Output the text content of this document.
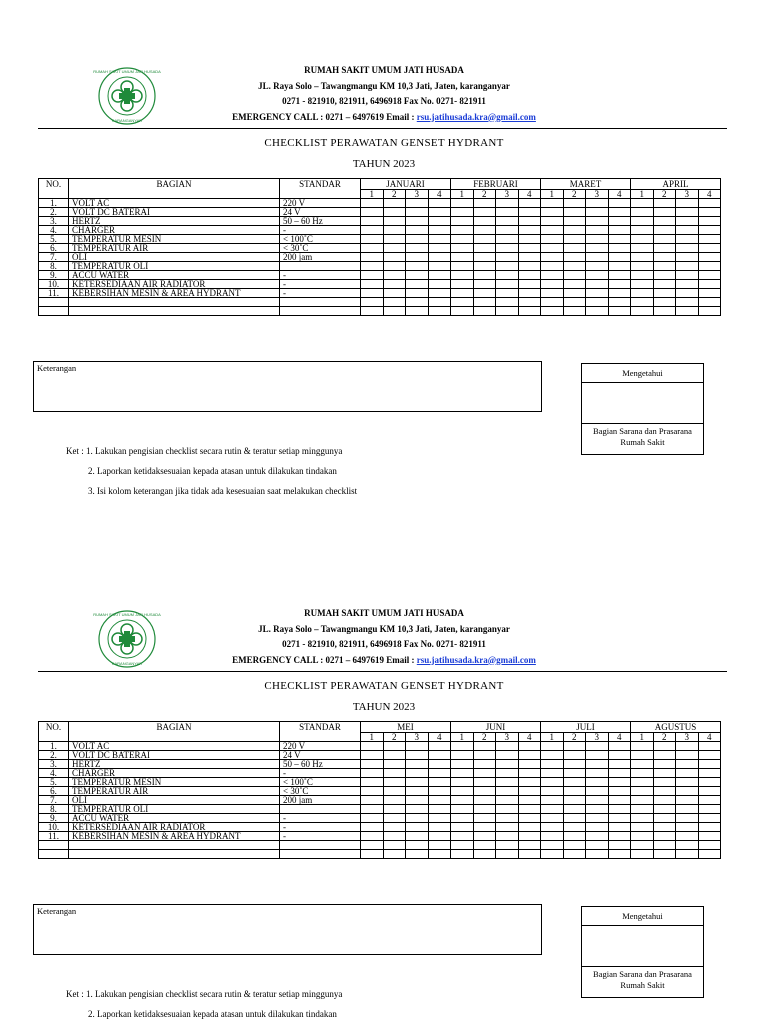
RUMAH SAKIT UMUM JATI HUSADA
KARANGANYAR
RUMAH SAKIT UMUM JATI HUSADA
JL. Raya Solo – Tawangmangu KM 10,3 Jati, Jaten, karanganyar
0271 - 821910, 821911, 6496918 Fax No. 0271- 821911
EMERGENCY CALL : 0271 – 6497619 Email : rsu.jatihusada.kra@gmail.com
CHECKLIST PERAWATAN GENSET HYDRANT
TAHUN 2023
NO.	BAGIAN	STANDAR	JANUARI				FEBRUARI				MARET				APRIL			
			1	2	3	4	1	2	3	4	1	2	3	4	1	2	3	4
1.	VOLT AC	220 V																
2.	VOLT DC BATERAI	24 V																
3.	HERTZ	50 – 60 Hz																
4.	CHARGER	-																
5.	TEMPERATUR MESIN	< 100˚C																
6.	TEMPERATUR AIR	< 30˚C																
7.	OLI	200 jam																
8.	TEMPERATUR OLI																	
9.	ACCU WATER	-																
10.	KETERSEDIAAN AIR RADIATOR	-																
11.	KEBERSIHAN MESIN & AREA HYDRANT	-																

Keterangan	Mengetahui
Bagian Sarana dan Prasarana
Rumah Sakit
Ket : 1. Lakukan pengisian checklist secara rutin & teratur setiap minggunya
2. Laporkan ketidaksesuaian kepada atasan untuk dilakukan tindakan
3. Isi kolom keterangan jika tidak ada kesesuaian saat melakukan checklist
RUMAH SAKIT UMUM JATI HUSADA
KARANGANYAR
RUMAH SAKIT UMUM JATI HUSADA
JL. Raya Solo – Tawangmangu KM 10,3 Jati, Jaten, karanganyar
0271 - 821910, 821911, 6496918 Fax No. 0271- 821911
EMERGENCY CALL : 0271 – 6497619 Email : rsu.jatihusada.kra@gmail.com
CHECKLIST PERAWATAN GENSET HYDRANT
TAHUN 2023
NO.	BAGIAN	STANDAR	MEI				JUNI				JULI				AGUSTUS			
			1	2	3	4	1	2	3	4	1	2	3	4	1	2	3	4
1.	VOLT AC	220 V																
2.	VOLT DC BATERAI	24 V																
3.	HERTZ	50 – 60 Hz																
4.	CHARGER	-																
5.	TEMPERATUR MESIN	< 100˚C																
6.	TEMPERATUR AIR	< 30˚C																
7.	OLI	200 jam																
8.	TEMPERATUR OLI																	
9.	ACCU WATER	-																
10.	KETERSEDIAAN AIR RADIATOR	-																
11.	KEBERSIHAN MESIN & AREA HYDRANT	-																

Keterangan	Mengetahui
Bagian Sarana dan Prasarana
Rumah Sakit
Ket : 1. Lakukan pengisian checklist secara rutin & teratur setiap minggunya
2. Laporkan ketidaksesuaian kepada atasan untuk dilakukan tindakan
